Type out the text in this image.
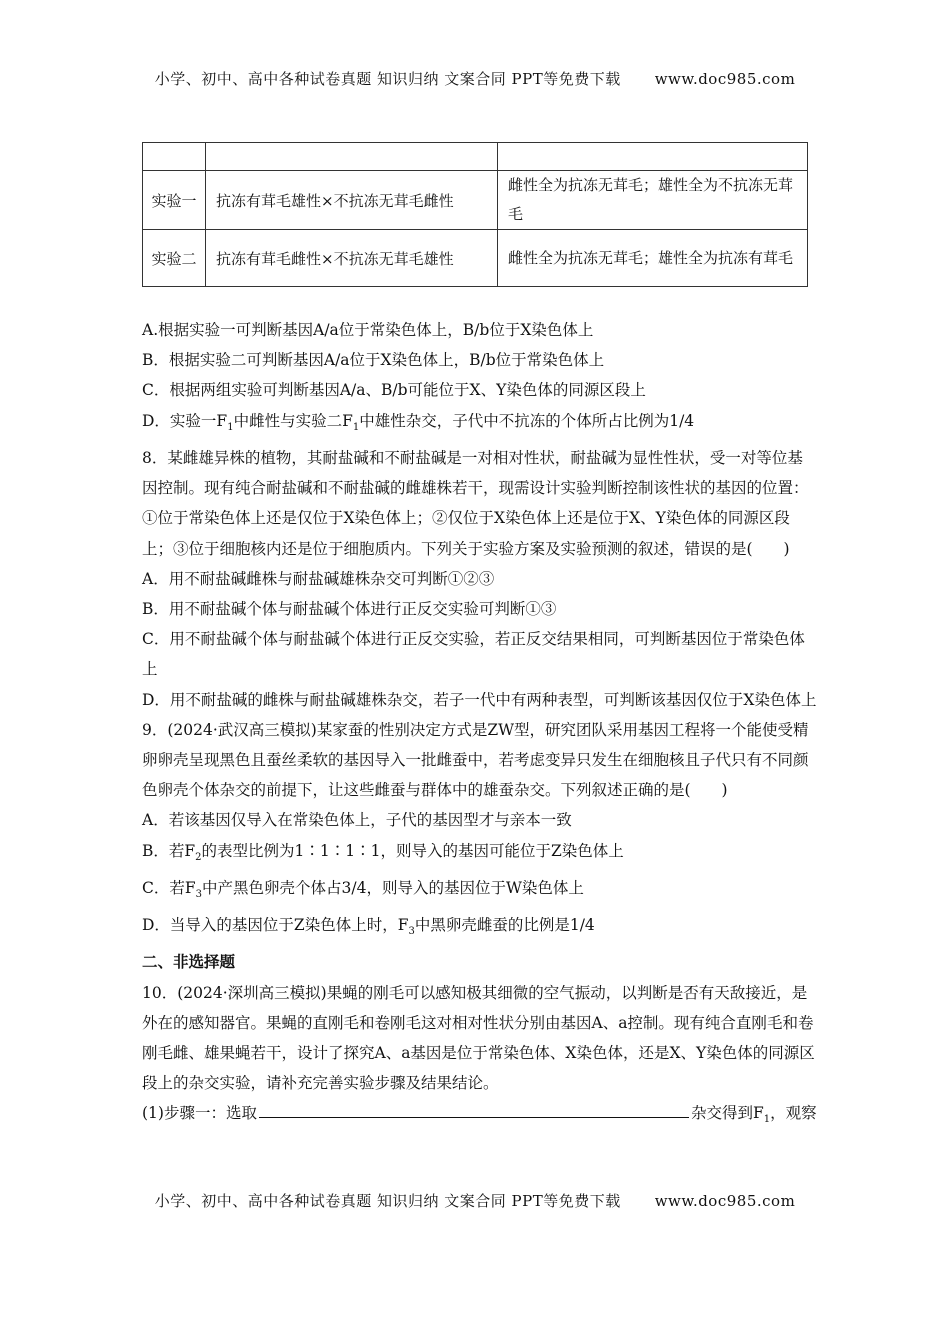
小学、初中、高中各种试卷真题 知识归纳 文案合同 PPT等免费下载 www.doc985.com

实验一	抗冻有茸毛雄性×不抗冻无茸毛雌性	雌性全为抗冻无茸毛；雄性全为不抗冻无茸毛
实验二	抗冻有茸毛雌性×不抗冻无茸毛雄性	雌性全为抗冻无茸毛；雄性全为抗冻有茸毛

A.根据实验一可判断基因A/a位于常染色体上，B/b位于X染色体上

B．根据实验二可判断基因A/a位于X染色体上，B/b位于常染色体上

C．根据两组实验可判断基因A/a、B/b可能位于X、Y染色体的同源区段上

D．实验一$F_1$中雌性与实验二$F_1$中雄性杂交，子代中不抗冻的个体所占比例为1/4

8．某雌雄异株的植物，其耐盐碱和不耐盐碱是一对相对性状，耐盐碱为显性性状，受一对等位基因控制。现有纯合耐盐碱和不耐盐碱的雌雄株若干，现需设计实验判断控制该性状的基因的位置：①位于常染色体上还是仅位于X染色体上；②仅位于X染色体上还是位于X、Y染色体的同源区段上；③位于细胞核内还是位于细胞质内。下列关于实验方案及实验预测的叙述，错误的是(　　)

A．用不耐盐碱雌株与耐盐碱雄株杂交可判断①②③

B．用不耐盐碱个体与耐盐碱个体进行正反交实验可判断①③

C．用不耐盐碱个体与耐盐碱个体进行正反交实验，若正反交结果相同，可判断基因位于常染色体上

D．用不耐盐碱的雌株与耐盐碱雄株杂交，若子一代中有两种表型，可判断该基因仅位于X染色体上

9．(2024·武汉高三模拟)某家蚕的性别决定方式是ZW型，研究团队采用基因工程将一个能使受精卵卵壳呈现黑色且蚕丝柔软的基因导入一批雌蚕中，若考虑变异只发生在细胞核且子代只有不同颜色卵壳个体杂交的前提下，让这些雌蚕与群体中的雄蚕杂交。下列叙述正确的是(　　)

A．若该基因仅导入在常染色体上，子代的基因型才与亲本一致

B．若$F_2$的表型比例为1∶1∶1∶1，则导入的基因可能位于Z染色体上

C．若$F_3$中产黑色卵壳个体占3/4，则导入的基因位于W染色体上

D．当导入的基因位于Z染色体上时，$F_3$中黑卵壳雌蚕的比例是1/4

二、非选择题

10．(2024·深圳高三模拟)果蝇的刚毛可以感知极其细微的空气振动，以判断是否有天敌接近，是外在的感知器官。果蝇的直刚毛和卷刚毛这对相对性状分别由基因A、a控制。现有纯合直刚毛和卷刚毛雌、雄果蝇若干，设计了探究A、a基因是位于常染色体、X染色体，还是X、Y染色体的同源区段上的杂交实验，请补充完善实验步骤及结果结论。

(1)步骤一：选取	杂交得到$F_1$，观察

小学、初中、高中各种试卷真题 知识归纳 文案合同 PPT等免费下载 www.doc985.com
